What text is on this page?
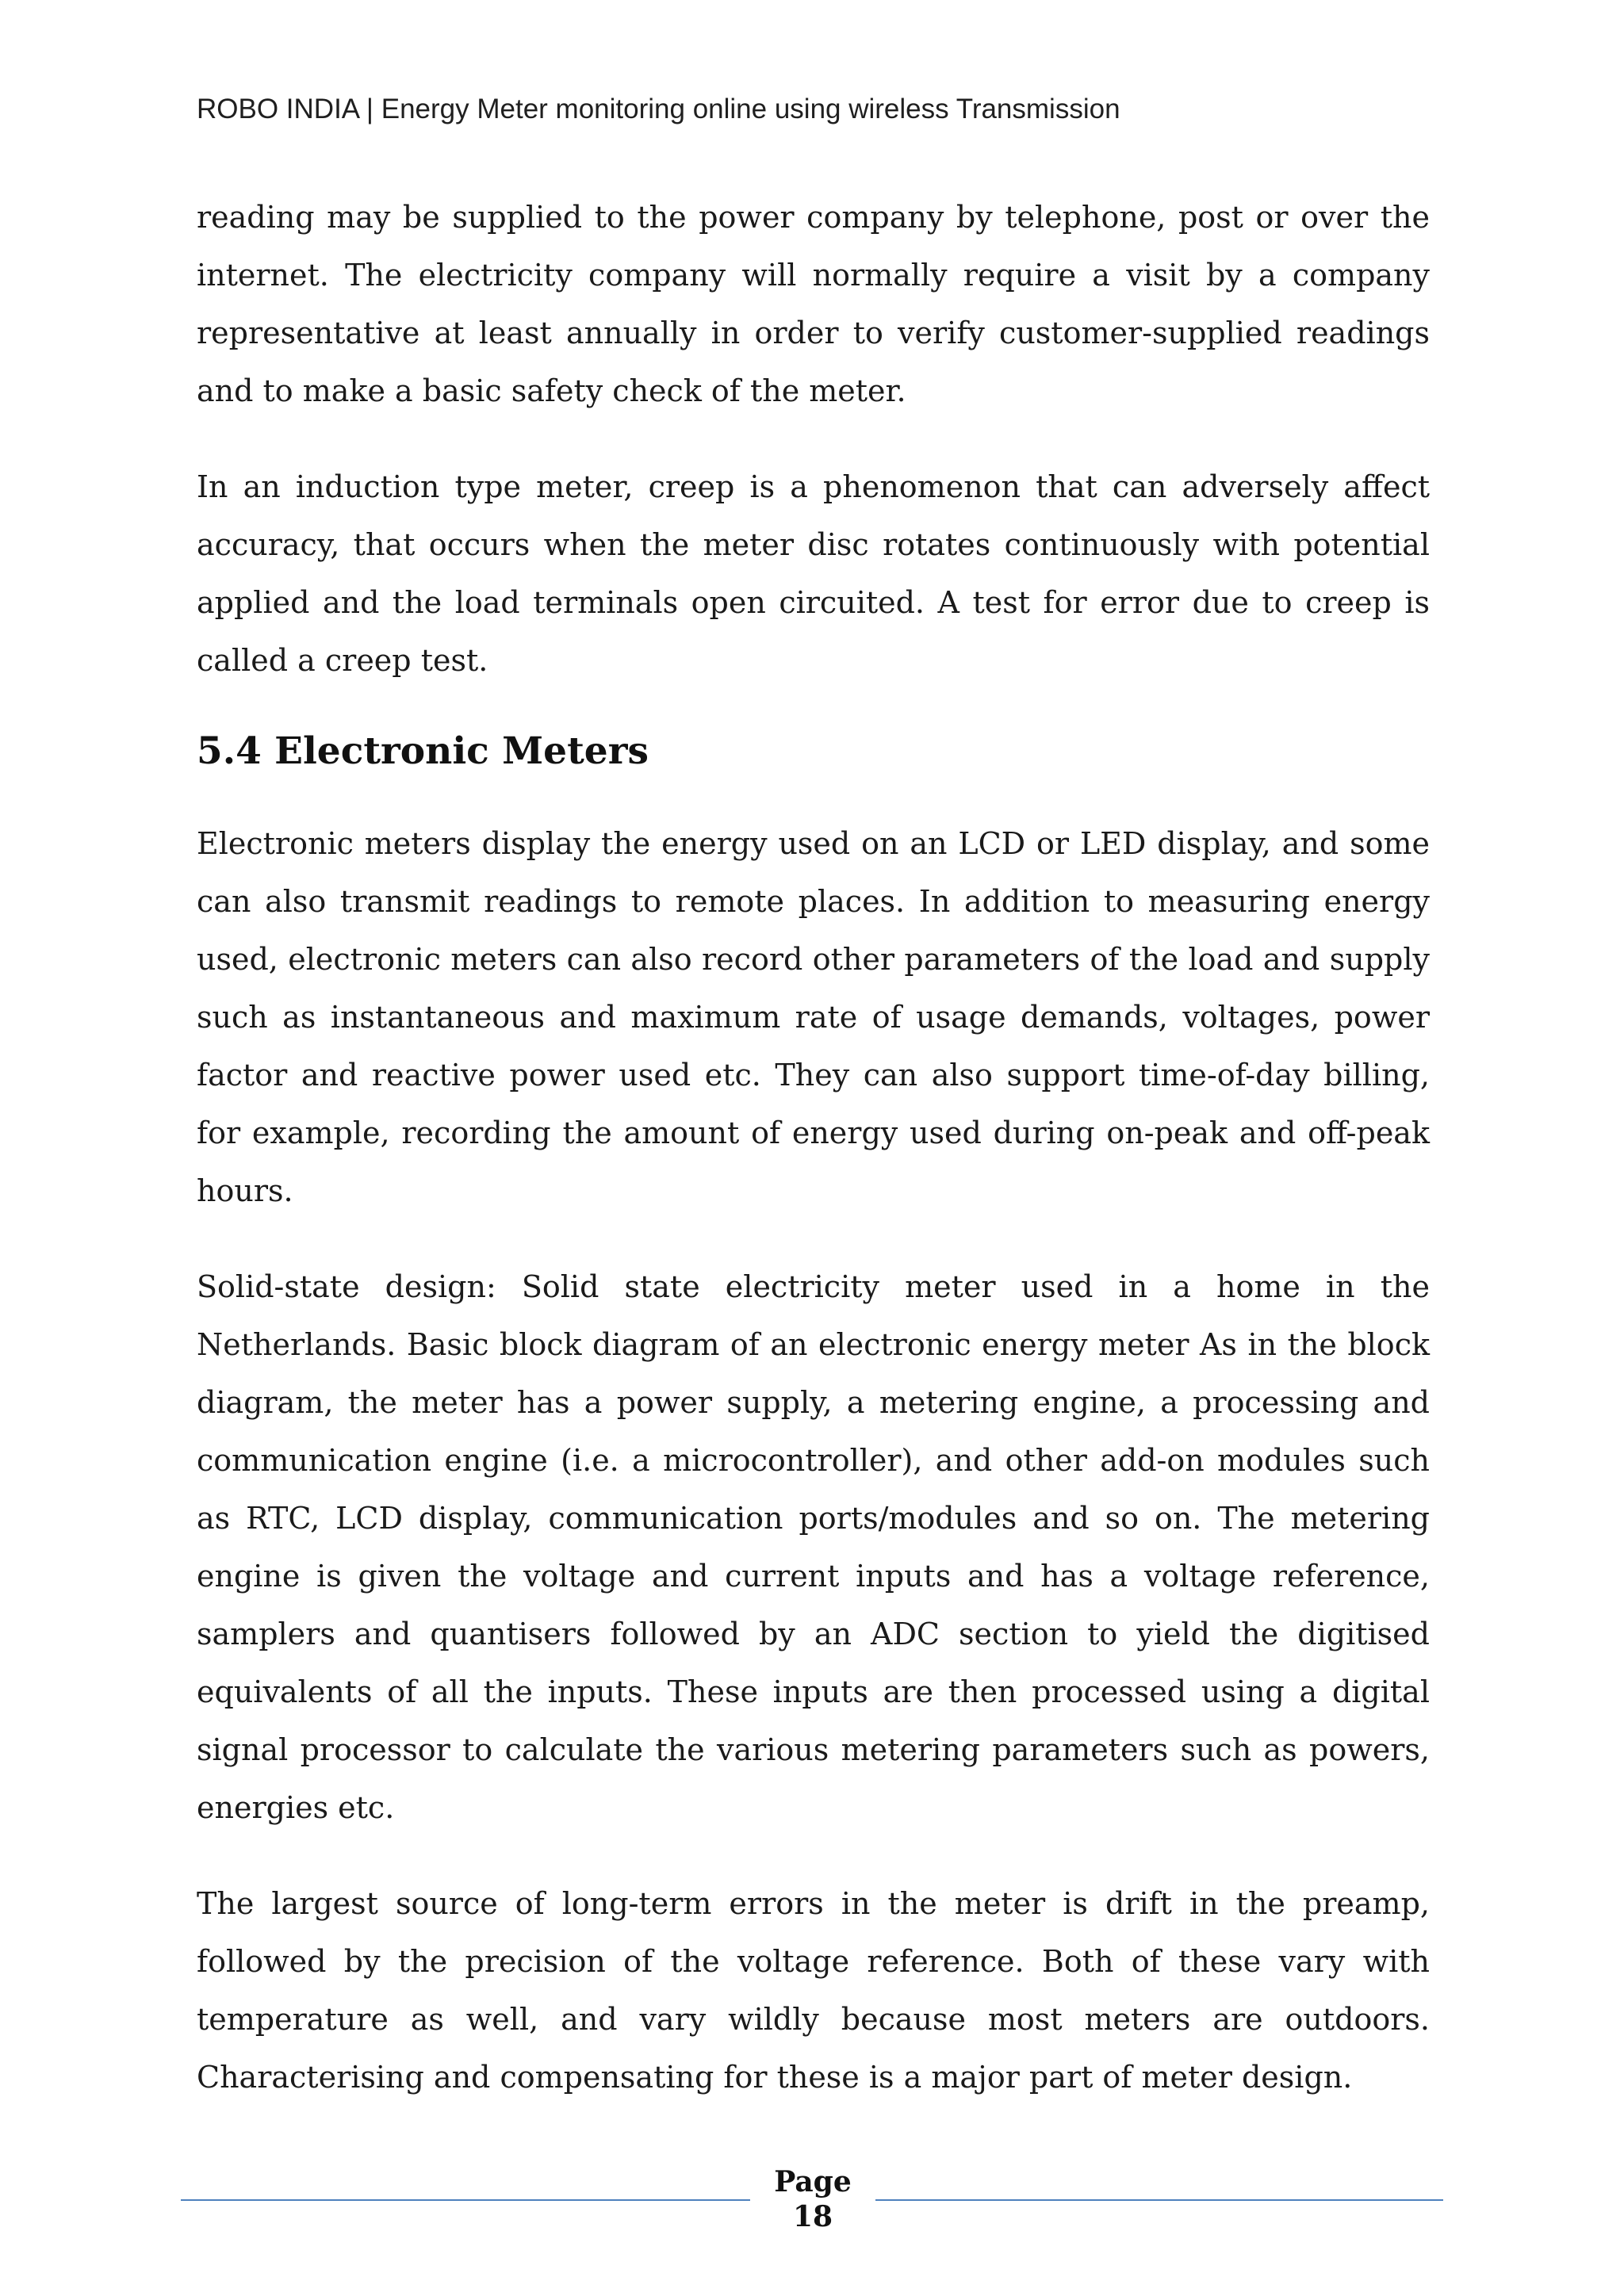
ROBO INDIA | Energy Meter monitoring online using wireless Transmission

reading may be supplied to the power company by telephone, post or over the internet. The electricity company will normally require a visit by a company representative at least annually in order to verify customer-supplied readings and to make a basic safety check of the meter.

In an induction type meter, creep is a phenomenon that can adversely affect accuracy, that occurs when the meter disc rotates continuously with potential applied and the load terminals open circuited. A test for error due to creep is called a creep test.

5.4 Electronic Meters

Electronic meters display the energy used on an LCD or LED display, and some can also transmit readings to remote places. In addition to measuring energy used, electronic meters can also record other parameters of the load and supply such as instantaneous and maximum rate of usage demands, voltages, power factor and reactive power used etc. They can also support time-of-day billing, for example, recording the amount of energy used during on-peak and off-peak hours.

Solid-state design: Solid state electricity meter used in a home in the Netherlands. Basic block diagram of an electronic energy meter As in the block diagram, the meter has a power supply, a metering engine, a processing and communication engine (i.e. a microcontroller), and other add-on modules such as RTC, LCD display, communication ports/modules and so on. The metering engine is given the voltage and current inputs and has a voltage reference, samplers and quantisers followed by an ADC section to yield the digitised equivalents of all the inputs. These inputs are then processed using a digital signal processor to calculate the various metering parameters such as powers, energies etc.

The largest source of long-term errors in the meter is drift in the preamp, followed by the precision of the voltage reference. Both of these vary with temperature as well, and vary wildly because most meters are outdoors. Characterising and compensating for these is a major part of meter design.

Page
18
